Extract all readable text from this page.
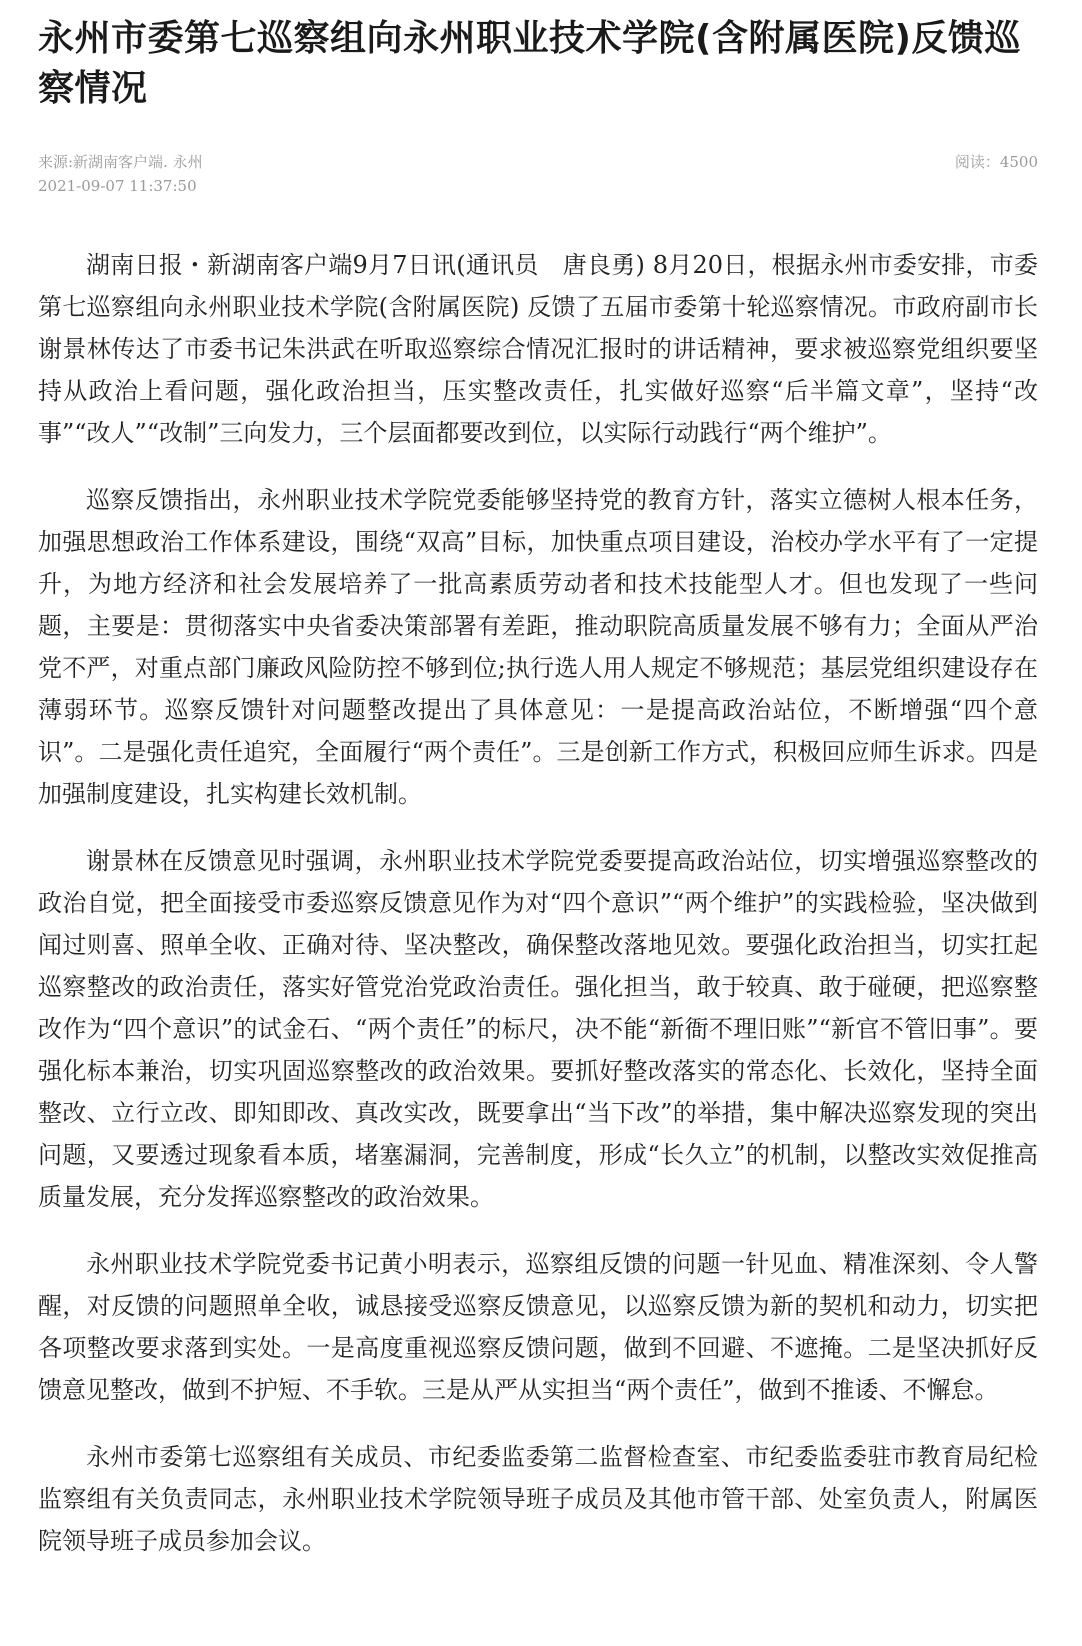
永州市委第七巡察组向永州职业技术学院(含附属医院)反馈巡察情况
来源:新湖南客户端. 永州
2021-09-07 11:37:50
阅读：4500

湖南日报・新湖南客户端9月7日讯(通讯员　唐良勇) 8月20日，根据永州市委安排，市委第七巡察组向永州职业技术学院(含附属医院) 反馈了五届市委第十轮巡察情况。市政府副市长谢景林传达了市委书记朱洪武在听取巡察综合情况汇报时的讲话精神，要求被巡察党组织要坚持从政治上看问题，强化政治担当，压实整改责任，扎实做好巡察“后半篇文章”，坚持“改事”“改人”“改制”三向发力，三个层面都要改到位，以实际行动践行“两个维护”。

巡察反馈指出，永州职业技术学院党委能够坚持党的教育方针，落实立德树人根本任务，加强思想政治工作体系建设，围绕“双高”目标，加快重点项目建设，治校办学水平有了一定提升，为地方经济和社会发展培养了一批高素质劳动者和技术技能型人才。但也发现了一些问题，主要是：贯彻落实中央省委决策部署有差距，推动职院高质量发展不够有力；全面从严治党不严，对重点部门廉政风险防控不够到位;执行选人用人规定不够规范；基层党组织建设存在薄弱环节。巡察反馈针对问题整改提出了具体意见：一是提高政治站位，不断增强“四个意识”。二是强化责任追究，全面履行“两个责任”。三是创新工作方式，积极回应师生诉求。四是加强制度建设，扎实构建长效机制。

谢景林在反馈意见时强调，永州职业技术学院党委要提高政治站位，切实增强巡察整改的政治自觉，把全面接受市委巡察反馈意见作为对“四个意识”“两个维护”的实践检验，坚决做到闻过则喜、照单全收、正确对待、坚决整改，确保整改落地见效。要强化政治担当，切实扛起巡察整改的政治责任，落实好管党治党政治责任。强化担当，敢于较真、敢于碰硬，把巡察整改作为“四个意识”的试金石、“两个责任”的标尺，决不能“新衙不理旧账”“新官不管旧事”。要强化标本兼治，切实巩固巡察整改的政治效果。要抓好整改落实的常态化、长效化，坚持全面整改、立行立改、即知即改、真改实改，既要拿出“当下改”的举措，集中解决巡察发现的突出问题，又要透过现象看本质，堵塞漏洞，完善制度，形成“长久立”的机制，以整改实效促推高质量发展，充分发挥巡察整改的政治效果。

永州职业技术学院党委书记黄小明表示，巡察组反馈的问题一针见血、精准深刻、令人警醒，对反馈的问题照单全收，诚恳接受巡察反馈意见，以巡察反馈为新的契机和动力，切实把各项整改要求落到实处。一是高度重视巡察反馈问题，做到不回避、不遮掩。二是坚决抓好反馈意见整改，做到不护短、不手软。三是从严从实担当“两个责任”，做到不推诿、不懈怠。

永州市委第七巡察组有关成员、市纪委监委第二监督检查室、市纪委监委驻市教育局纪检监察组有关负责同志，永州职业技术学院领导班子成员及其他市管干部、处室负责人，附属医院领导班子成员参加会议。
